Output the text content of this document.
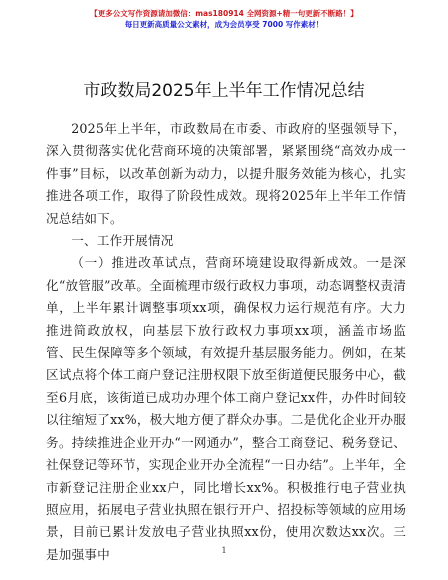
【更多公文写作资源请加微信：mas180914 全网资源+精一句更新不断路！】
每日更新高质量公文素材，成为会员享受 7000 写作素材！
市政数局2025年上半年工作情况总结

2025年上半年，市政数局在市委、市政府的坚强领导下，深入贯彻落实优化营商环境的决策部署，紧紧围绕“高效办成一件事”目标，以改革创新为动力，以提升服务效能为核心，扎实推进各项工作，取得了阶段性成效。现将2025年上半年工作情况总结如下。

一、工作开展情况

（一）推进改革试点，营商环境建设取得新成效。一是深化“放管服”改革。全面梳理市级行政权力事项，动态调整权责清单，上半年累计调整事项xx项，确保权力运行规范有序。大力推进简政放权，向基层下放行政权力事项xx项，涵盖市场监管、民生保障等多个领域，有效提升基层服务能力。例如，在某区试点将个体工商户登记注册权限下放至街道便民服务中心，截至6月底，该街道已成功办理个体工商户登记xx件，办件时间较以往缩短了xx%，极大地方便了群众办事。二是优化企业开办服务。持续推进企业开办“一网通办”，整合工商登记、税务登记、社保登记等环节，实现企业开办全流程“一日办结”。上半年，全市新登记注册企业xx户，同比增长xx%。积极推行电子营业执照应用，拓展电子营业执照在银行开户、招投标等领域的应用场景，目前已累计发放电子营业执照xx份，使用次数达xx次。三是加强事中	1
